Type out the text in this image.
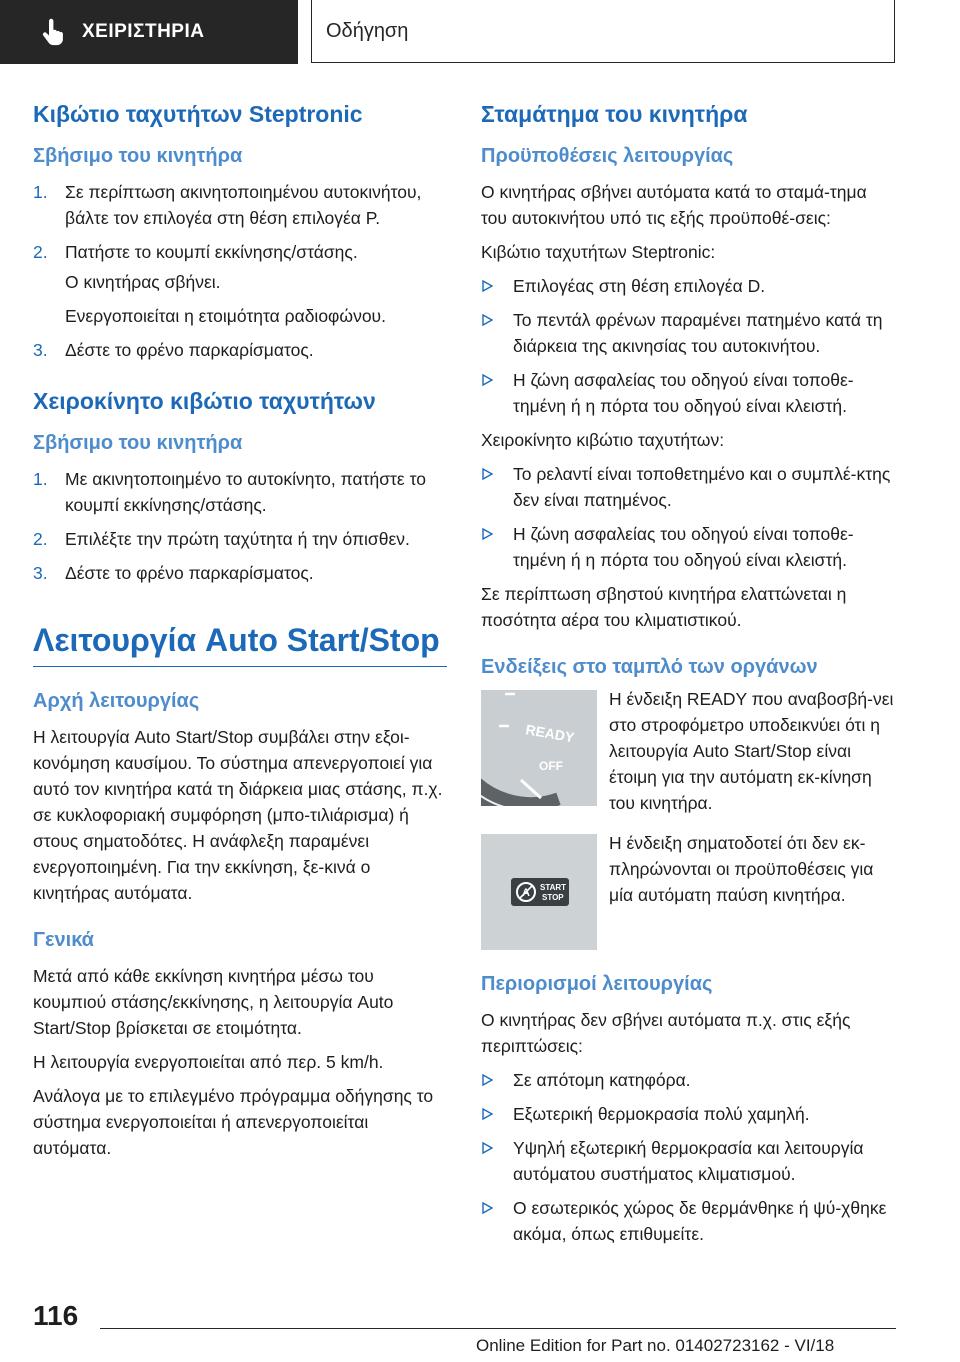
ΧΕΙΡΙΣΤΗΡΙΑ	Οδήγηση
Κιβώτιο ταχυτήτων Steptronic
Σβήσιμο του κινητήρα
1. Σε περίπτωση ακινητοποιημένου αυτοκινήτου, βάλτε τον επιλογέα στη θέση επιλογέα P.
2. Πατήστε το κουμπί εκκίνησης/στάσης.

Ο κινητήρας σβήνει.

Ενεργοποιείται η ετοιμότητα ραδιοφώνου.

3. Δέστε το φρένο παρκαρίσματος.
Χειροκίνητο κιβώτιο ταχυτήτων
Σβήσιμο του κινητήρα
1. Με ακινητοποιημένο το αυτοκίνητο, πατήστε το κουμπί εκκίνησης/στάσης.
2. Επιλέξτε την πρώτη ταχύτητα ή την όπισθεν.
3. Δέστε το φρένο παρκαρίσματος.
Λειτουργία Auto Start/Stop
Αρχή λειτουργίας

Η λειτουργία Auto Start/Stop συμβάλει στην εξοι-κονόμηση καυσίμου. Το σύστημα απενεργοποιεί για αυτό τον κινητήρα κατά τη διάρκεια μιας στάσης, π.χ. σε κυκλοφοριακή συμφόρηση (μπο-τιλιάρισμα) ή στους σηματοδότες. Η ανάφλεξη παραμένει ενεργοποιημένη. Για την εκκίνηση, ξε-κινά ο κινητήρας αυτόματα.

Γενικά

Μετά από κάθε εκκίνηση κινητήρα μέσω του κουμπιού στάσης/εκκίνησης, η λειτουργία Auto Start/Stop βρίσκεται σε ετοιμότητα.

Η λειτουργία ενεργοποιείται από περ. 5 km/h.

Ανάλογα με το επιλεγμένο πρόγραμμα οδήγησης το σύστημα ενεργοποιείται ή απενεργοποιείται αυτόματα.

Σταμάτημα του κινητήρα
Προϋποθέσεις λειτουργίας

Ο κινητήρας σβήνει αυτόματα κατά το σταμά-τημα του αυτοκινήτου υπό τις εξής προϋποθέ-σεις:

Κιβώτιο ταχυτήτων Steptronic:

Επιλογέας στη θέση επιλογέα D.
Το πεντάλ φρένων παραμένει πατημένο κατά τη διάρκεια της ακινησίας του αυτοκινήτου.
Η ζώνη ασφαλείας του οδηγού είναι τοποθε-τημένη ή η πόρτα του οδηγού είναι κλειστή.

Χειροκίνητο κιβώτιο ταχυτήτων:

Το ρελαντί είναι τοποθετημένο και ο συμπλέ-κτης δεν είναι πατημένος.
Η ζώνη ασφαλείας του οδηγού είναι τοποθε-τημένη ή η πόρτα του οδηγού είναι κλειστή.

Σε περίπτωση σβηστού κινητήρα ελαττώνεται η ποσότητα αέρα του κλιματιστικού.

Ενδείξεις στο ταμπλό των οργάνων
READY
OFF
Η ένδειξη READY που αναβοσβή-νει στο στροφόμετρο υποδεικνύει ότι η λειτουργία Auto Start/Stop είναι έτοιμη για την αυτόματη εκ-κίνηση του κινητήρα.
A START
STOP
Η ένδειξη σηματοδοτεί ότι δεν εκ-πληρώνονται οι προϋποθέσεις για μία αυτόματη παύση κινητήρα.
Περιορισμοί λειτουργίας

Ο κινητήρας δεν σβήνει αυτόματα π.χ. στις εξής περιπτώσεις:

Σε απότομη κατηφόρα.
Εξωτερική θερμοκρασία πολύ χαμηλή.
Υψηλή εξωτερική θερμοκρασία και λειτουργία αυτόματου συστήματος κλιματισμού.
Ο εσωτερικός χώρος δε θερμάνθηκε ή ψύ-χθηκε ακόμα, όπως επιθυμείτε.
116
Online Edition for Part no. 01402723162 - VI/18
